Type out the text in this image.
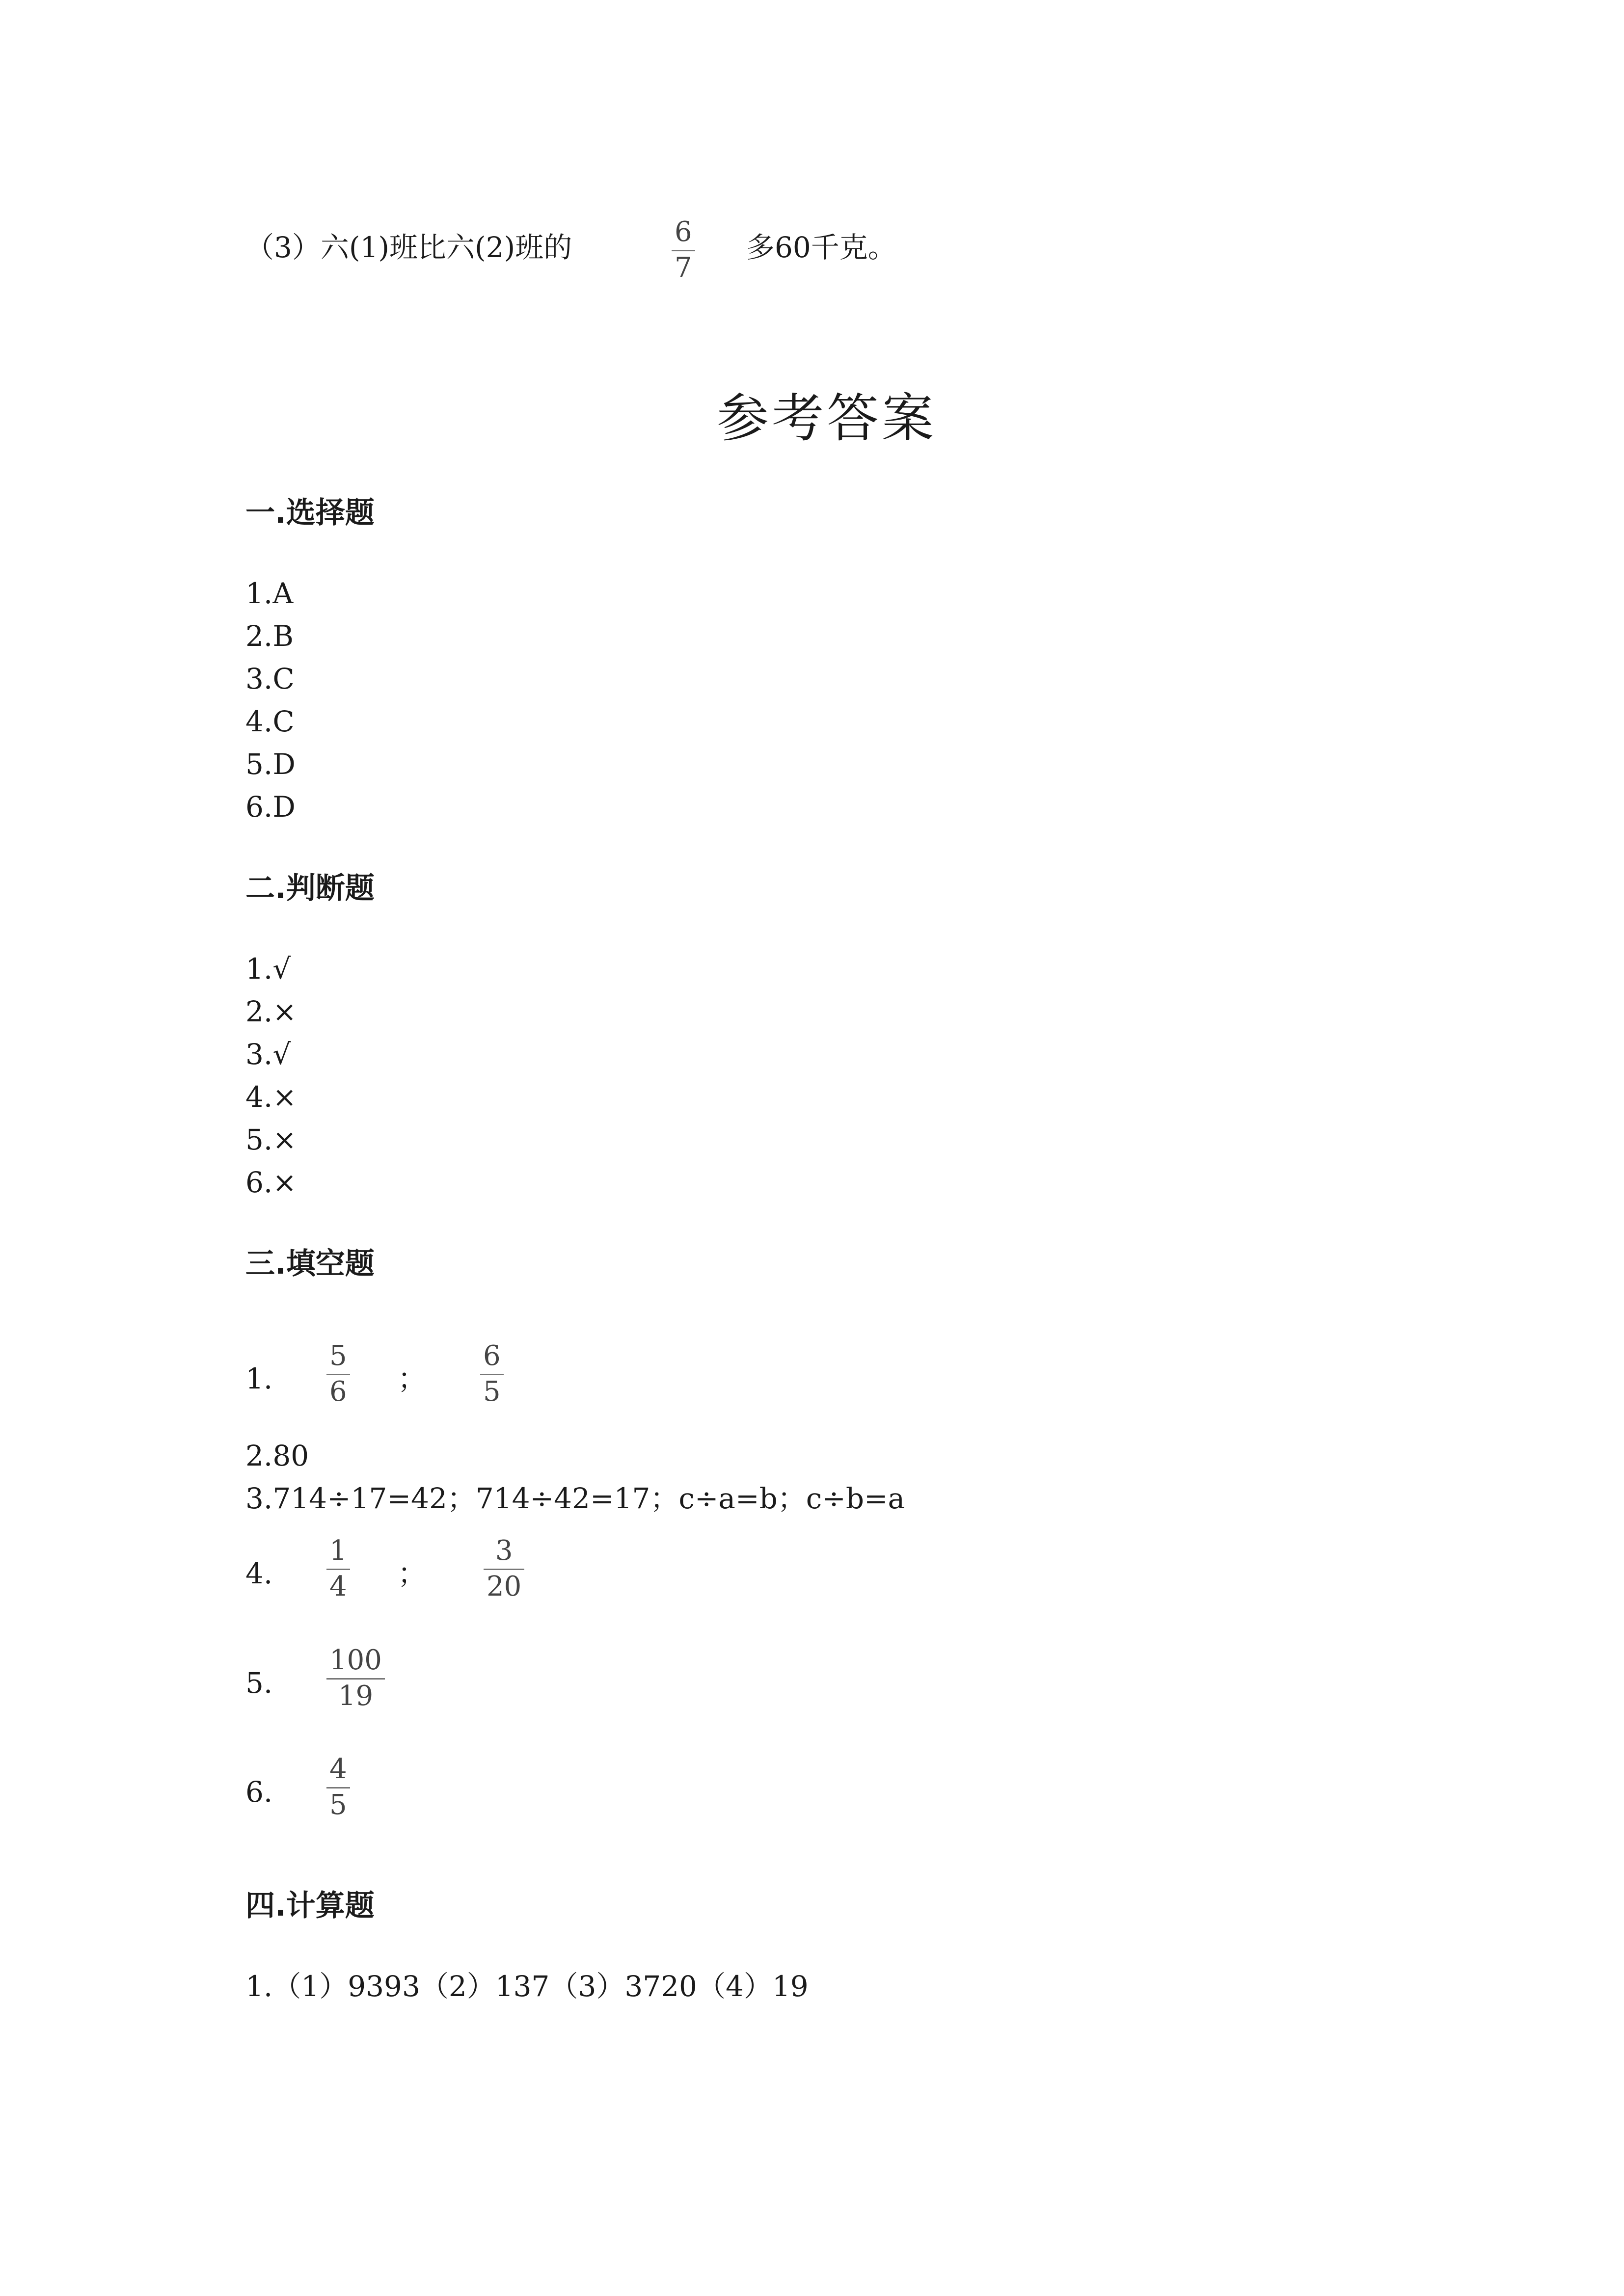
（3）六(1)班比六(2)班的	6
7
多60千克。
参考答案
一.选择题
1.A
2.B
3.C
4.C
5.D
6.D
二.判断题
1.√
2.×
3.√
4.×
5.×
6.×
三.填空题
1.
5
6 ；
6
5
2.80
3.714÷17=42；714÷42=17；c÷a=b；c÷b=a
4.
1
4 ；
3
20
5.
100
19
6.
4
5
四.计算题
1.（1）9393（2）137（3）3720（4）19
